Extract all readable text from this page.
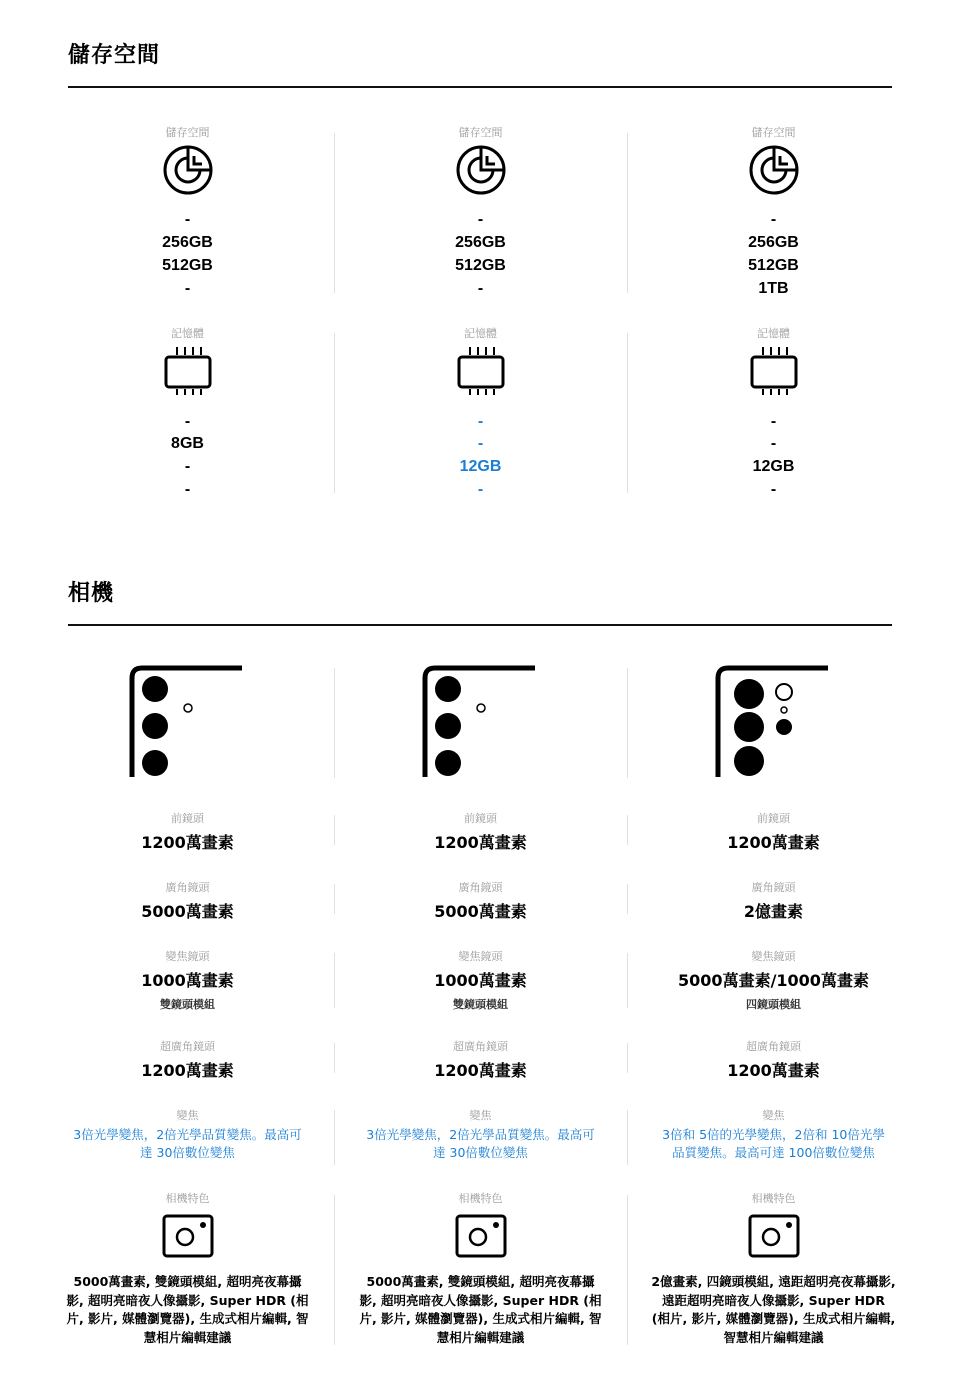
儲存空間
儲存空間
-
256GB
512GB
-
記憶體
-
8GB
-
-
儲存空間
-
256GB
512GB
-
記憶體
-
-
12GB
-
儲存空間
-
256GB
512GB
1TB
記憶體
-
-
12GB
-
相機
前鏡頭
1200萬畫素
廣角鏡頭
5000萬畫素
變焦鏡頭
1000萬畫素
雙鏡頭模組
超廣角鏡頭
1200萬畫素
變焦
3倍光學變焦，2倍光學品質變焦。最高可達 30倍數位變焦
相機特色
5000萬畫素, 雙鏡頭模組, 超明亮夜幕攝影, 超明亮暗夜人像攝影, Super HDR (相片, 影片, 媒體瀏覽器), 生成式相片編輯, 智慧相片編輯建議
前鏡頭
1200萬畫素
廣角鏡頭
5000萬畫素
變焦鏡頭
1000萬畫素
雙鏡頭模組
超廣角鏡頭
1200萬畫素
變焦
3倍光學變焦，2倍光學品質變焦。最高可達 30倍數位變焦
相機特色
5000萬畫素, 雙鏡頭模組, 超明亮夜幕攝影, 超明亮暗夜人像攝影, Super HDR (相片, 影片, 媒體瀏覽器), 生成式相片編輯, 智慧相片編輯建議
前鏡頭
1200萬畫素
廣角鏡頭
2億畫素
變焦鏡頭
5000萬畫素/1000萬畫素
四鏡頭模組
超廣角鏡頭
1200萬畫素
變焦
3倍和 5倍的光學變焦，2倍和 10倍光學品質變焦。最高可達 100倍數位變焦
相機特色
2億畫素, 四鏡頭模組, 遠距超明亮夜幕攝影, 遠距超明亮暗夜人像攝影, Super HDR (相片, 影片, 媒體瀏覽器), 生成式相片編輯, 智慧相片編輯建議
